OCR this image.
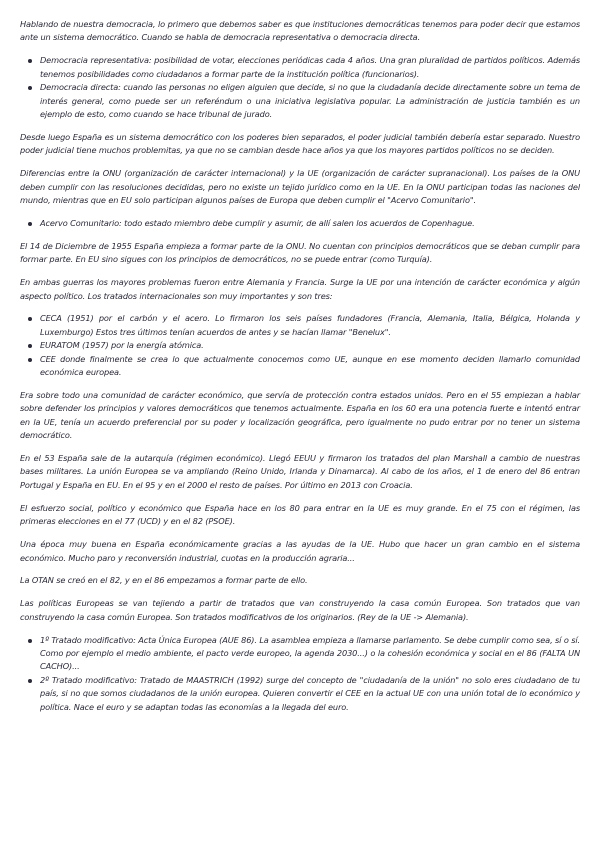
Hablando de nuestra democracia, lo primero que debemos saber es que instituciones democráticas tenemos para poder decir que estamos ante un sistema democrático. Cuando se habla de democracia representativa o democracia directa.

Democracia representativa: posibilidad de votar, elecciones periódicas cada 4 años. Una gran pluralidad de partidos políticos. Además tenemos posibilidades como ciudadanos a formar parte de la institución política (funcionarios).
Democracia directa: cuando las personas no eligen alguien que decide, si no que la ciudadanía decide directamente sobre un tema de interés general, como puede ser un referéndum o una iniciativa legislativa popular. La administración de justicia también es un ejemplo de esto, como cuando se hace tribunal de jurado.

Desde luego España es un sistema democrático con los poderes bien separados, el poder judicial también debería estar separado. Nuestro poder judicial tiene muchos problemitas, ya que no se cambian desde hace años ya que los mayores partidos políticos no se deciden.

Diferencias entre la ONU (organización de carácter internacional) y la UE (organización de carácter supranacional). Los países de la ONU deben cumplir con las resoluciones decididas, pero no existe un tejido jurídico como en la UE. En la ONU participan todas las naciones del mundo, mientras que en EU solo participan algunos países de Europa que deben cumplir el "Acervo Comunitario".

Acervo Comunitario: todo estado miembro debe cumplir y asumir, de allí salen los acuerdos de Copenhague.

El 14 de Diciembre de 1955 España empieza a formar parte de la ONU. No cuentan con principios democráticos que se deban cumplir para formar parte. En EU sino sigues con los principios de democráticos, no se puede entrar (como Turquía).

En ambas guerras los mayores problemas fueron entre Alemania y Francia. Surge la UE por una intención de carácter económica y algún aspecto político. Los tratados internacionales son muy importantes y son tres:

CECA (1951) por el carbón y el acero. Lo firmaron los seis países fundadores (Francia, Alemania, Italia, Bélgica, Holanda y Luxemburgo) Estos tres últimos tenían acuerdos de antes y se hacían llamar "Benelux".
EURATOM (1957) por la energía atómica.
CEE donde finalmente se crea lo que actualmente conocemos como UE, aunque en ese momento deciden llamarlo comunidad económica europea.

Era sobre todo una comunidad de carácter económico, que servía de protección contra estados unidos. Pero en el 55 empiezan a hablar sobre defender los principios y valores democráticos que tenemos actualmente. España en los 60 era una potencia fuerte e intentó entrar en la UE, tenía un acuerdo preferencial por su poder y localización geográfica, pero igualmente no pudo entrar por no tener un sistema democrático.

En el 53 España sale de la autarquía (régimen económico). Llegó EEUU y firmaron los tratados del plan Marshall a cambio de nuestras bases militares. La unión Europea se va ampliando (Reino Unido, Irlanda y Dinamarca). Al cabo de los años, el 1 de enero del 86 entran Portugal y España en EU. En el 95 y en el 2000 el resto de países. Por último en 2013 con Croacia.

El esfuerzo social, político y económico que España hace en los 80 para entrar en la UE es muy grande. En el 75 con el régimen, las primeras elecciones en el 77 (UCD) y en el 82 (PSOE).

Una época muy buena en España económicamente gracias a las ayudas de la UE. Hubo que hacer un gran cambio en el sistema económico. Mucho paro y reconversión industrial, cuotas en la producción agraria...

La OTAN se creó en el 82, y en el 86 empezamos a formar parte de ello.

Las políticas Europeas se van tejiendo a partir de tratados que van construyendo la casa común Europea. Son tratados que van construyendo la casa común Europea. Son tratados modificativos de los originarios. (Rey de la UE -> Alemania).

1º Tratado modificativo: Acta Única Europea (AUE 86). La asamblea empieza a llamarse parlamento. Se debe cumplir como sea, sí o sí. Como por ejemplo el medio ambiente, el pacto verde europeo, la agenda 2030...) o la cohesión económica y social en el 86 (FALTA UN CACHO)...
2º Tratado modificativo: Tratado de MAASTRICH (1992) surge del concepto de "ciudadanía de la unión" no solo eres ciudadano de tu país, si no que somos ciudadanos de la unión europea. Quieren convertir el CEE en la actual UE con una unión total de lo económico y política. Nace el euro y se adaptan todas las economías a la llegada del euro.
